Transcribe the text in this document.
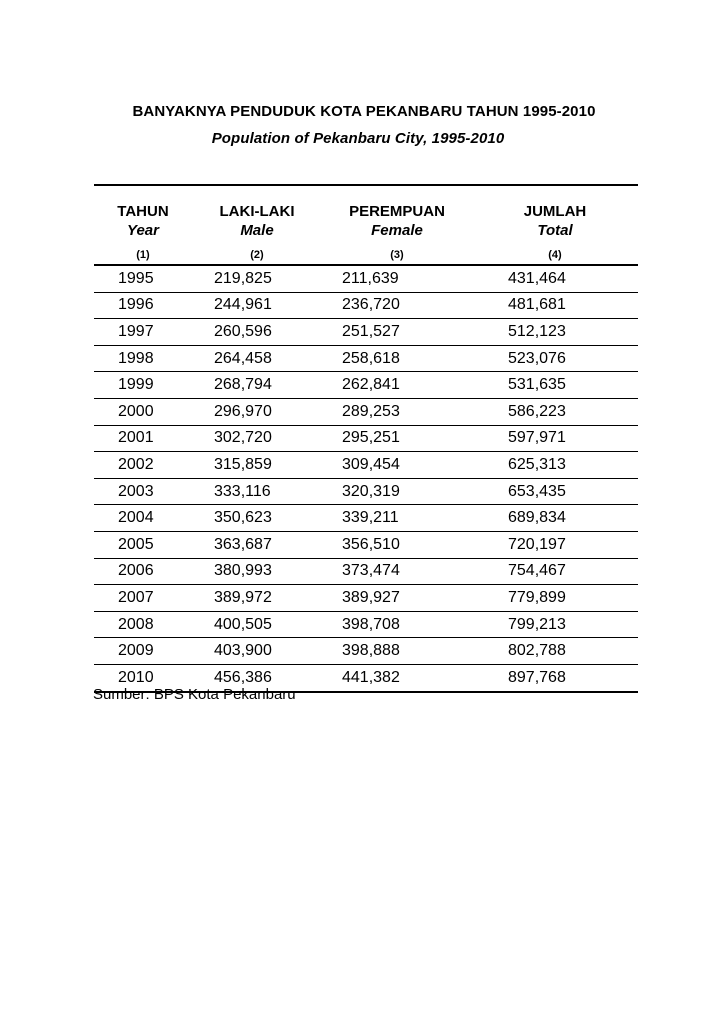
BANYAKNYA PENDUDUK KOTA PEKANBARU TAHUN 1995-2010
Population of Pekanbaru City, 1995-2010
TAHUN	LAKI-LAKI	PEREMPUAN	JUMLAH
Year	Male	Female	Total
(1)	(2)	(3)	(4)
1995	219,825	211,639	431,464
1996	244,961	236,720	481,681
1997	260,596	251,527	512,123
1998	264,458	258,618	523,076
1999	268,794	262,841	531,635
2000	296,970	289,253	586,223
2001	302,720	295,251	597,971
2002	315,859	309,454	625,313
2003	333,116	320,319	653,435
2004	350,623	339,211	689,834
2005	363,687	356,510	720,197
2006	380,993	373,474	754,467
2007	389,972	389,927	779,899
2008	400,505	398,708	799,213
2009	403,900	398,888	802,788
2010	456,386	441,382	897,768
Sumber: BPS Kota Pekanbaru
